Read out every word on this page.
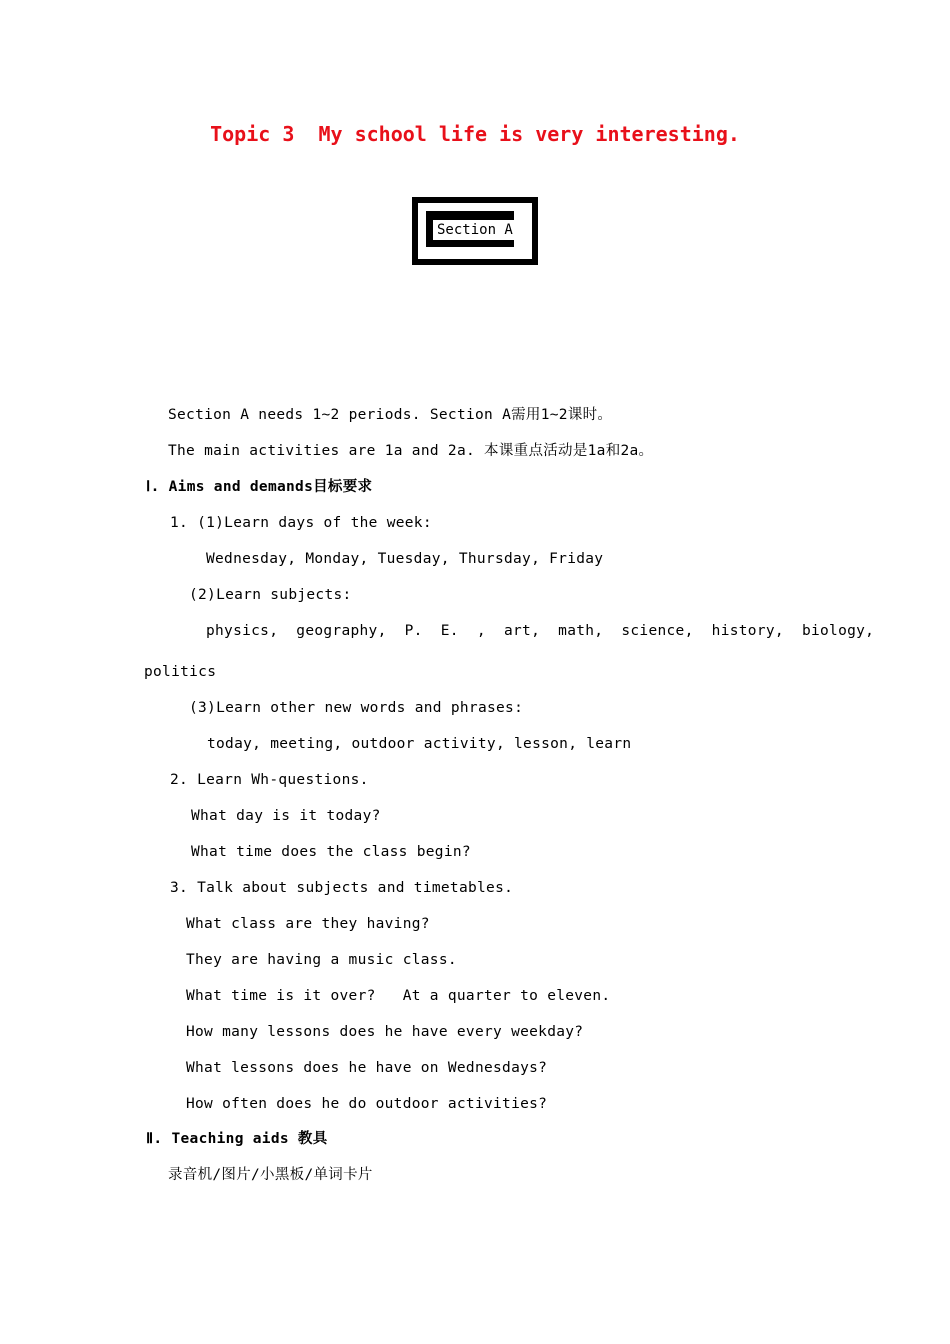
Topic 3  My school life is very interesting.
Section A
Section A needs 1~2 periods. Section A需用1~2课时。
The main activities are 1a and 2a. 本课重点活动是1a和2a。
Ⅰ. Aims and demands目标要求
1. (1)Learn days of the week:
Wednesday, Monday, Tuesday, Thursday, Friday
(2)Learn subjects:
physics,  geography,  P.  E.  ,  art,  math,  science,  history,  biology,
politics
(3)Learn other new words and phrases:
today, meeting, outdoor activity, lesson, learn
2. Learn Wh-questions.
What day is it today?
What time does the class begin?
3. Talk about subjects and timetables.
What class are they having?
They are having a music class.
What time is it over?   At a quarter to eleven.
How many lessons does he have every weekday?
What lessons does he have on Wednesdays?
How often does he do outdoor activities?
Ⅱ. Teaching aids 教具
录音机/图片/小黑板/单词卡片
